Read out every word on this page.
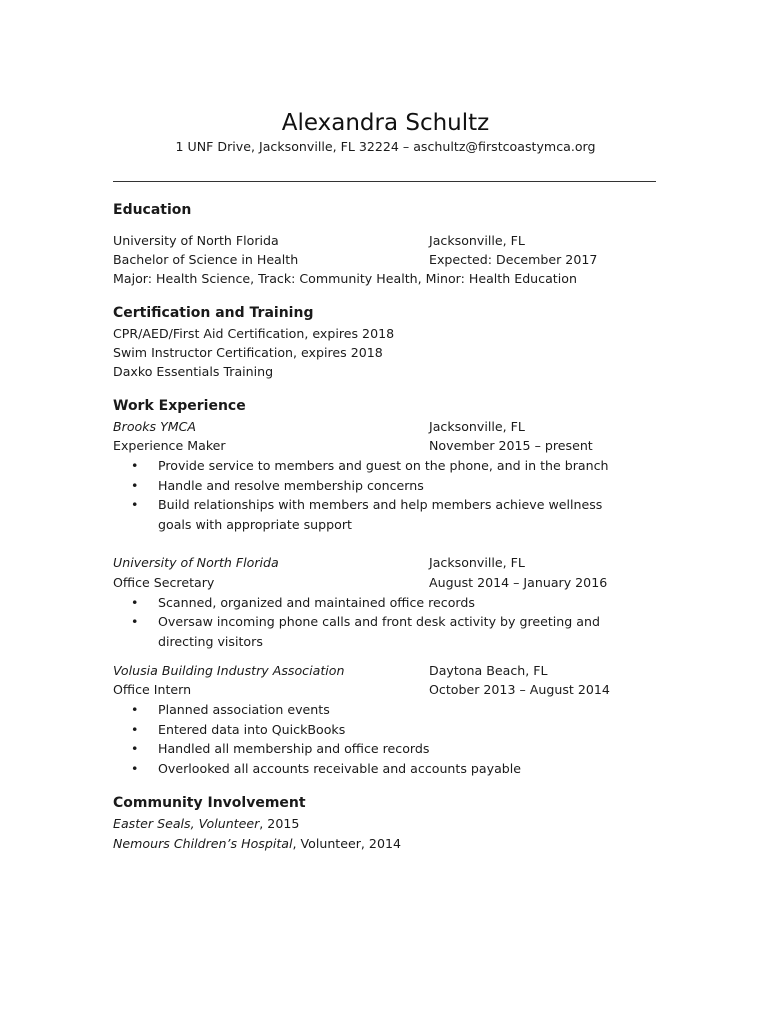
Alexandra Schultz
1 UNF Drive, Jacksonville, FL 32224 – aschultz@firstcoastymca.org
Education
University of North Florida	Jacksonville, FL
Bachelor of Science in Health	Expected: December 2017
Major: Health Science, Track: Community Health, Minor: Health Education
Certification and Training
CPR/AED/First Aid Certification, expires 2018
Swim Instructor Certification, expires 2018
Daxko Essentials Training
Work Experience
Brooks YMCA	Jacksonville, FL
Experience Maker	November 2015 – present
• Provide service to members and guest on the phone, and in the branch
• Handle and resolve membership concerns
• Build relationships with members and help members achieve wellness goals with appropriate support
University of North Florida	Jacksonville, FL
Office Secretary	August 2014 – January 2016
• Scanned, organized and maintained office records
• Oversaw incoming phone calls and front desk activity by greeting and directing visitors
Volusia Building Industry Association	Daytona Beach, FL
Office Intern	October 2013 – August 2014
• Planned association events
• Entered data into QuickBooks
• Handled all membership and office records
• Overlooked all accounts receivable and accounts payable
Community Involvement
Easter Seals, Volunteer, 2015
Nemours Children’s Hospital, Volunteer, 2014
